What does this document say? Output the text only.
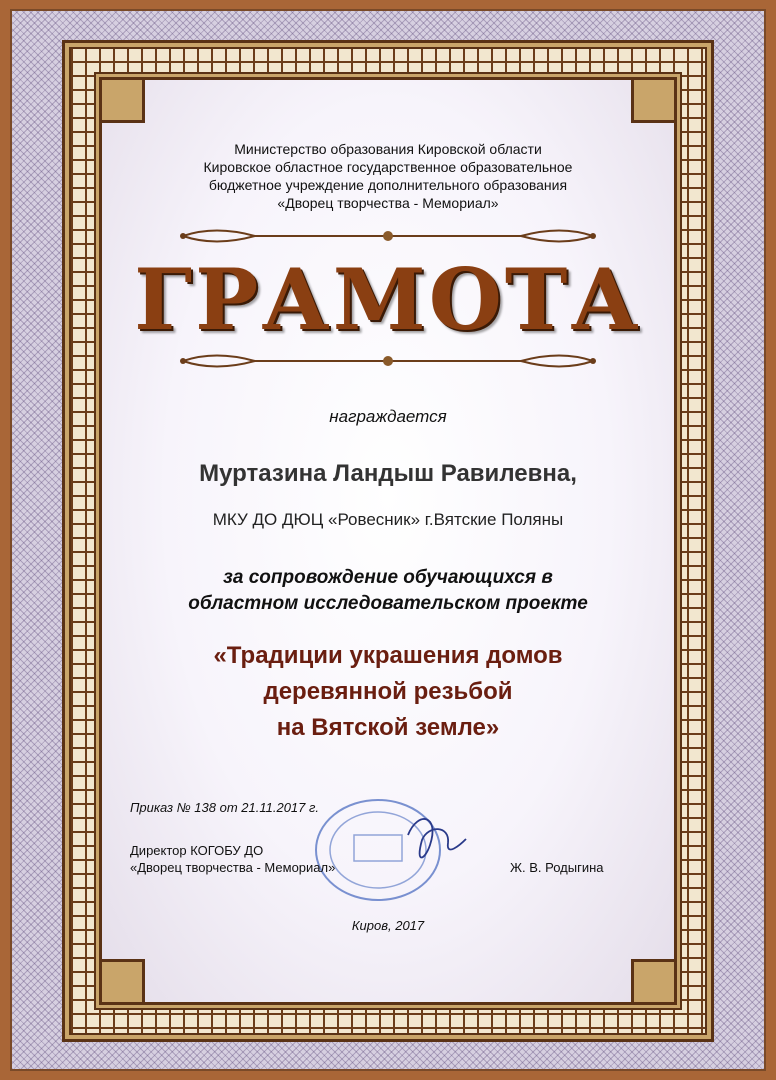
Министерство образования Кировской области
Кировское областное государственное образовательное
бюджетное учреждение дополнительного образования
«Дворец творчества - Мемориал»
ГРАМОТА
награждается
Муртазина Ландыш Равилевна,
МКУ ДО ДЮЦ «Ровесник» г.Вятские Поляны
за сопровождение обучающихся в
областном исследовательском проекте
«Традиции украшения домов
деревянной резьбой
на Вятской земле»
Приказ № 138 от 21.11.2017 г.
Директор КОГОБУ ДО
«Дворец творчества - Мемориал»	Ж. В. Родыгина
Киров, 2017
